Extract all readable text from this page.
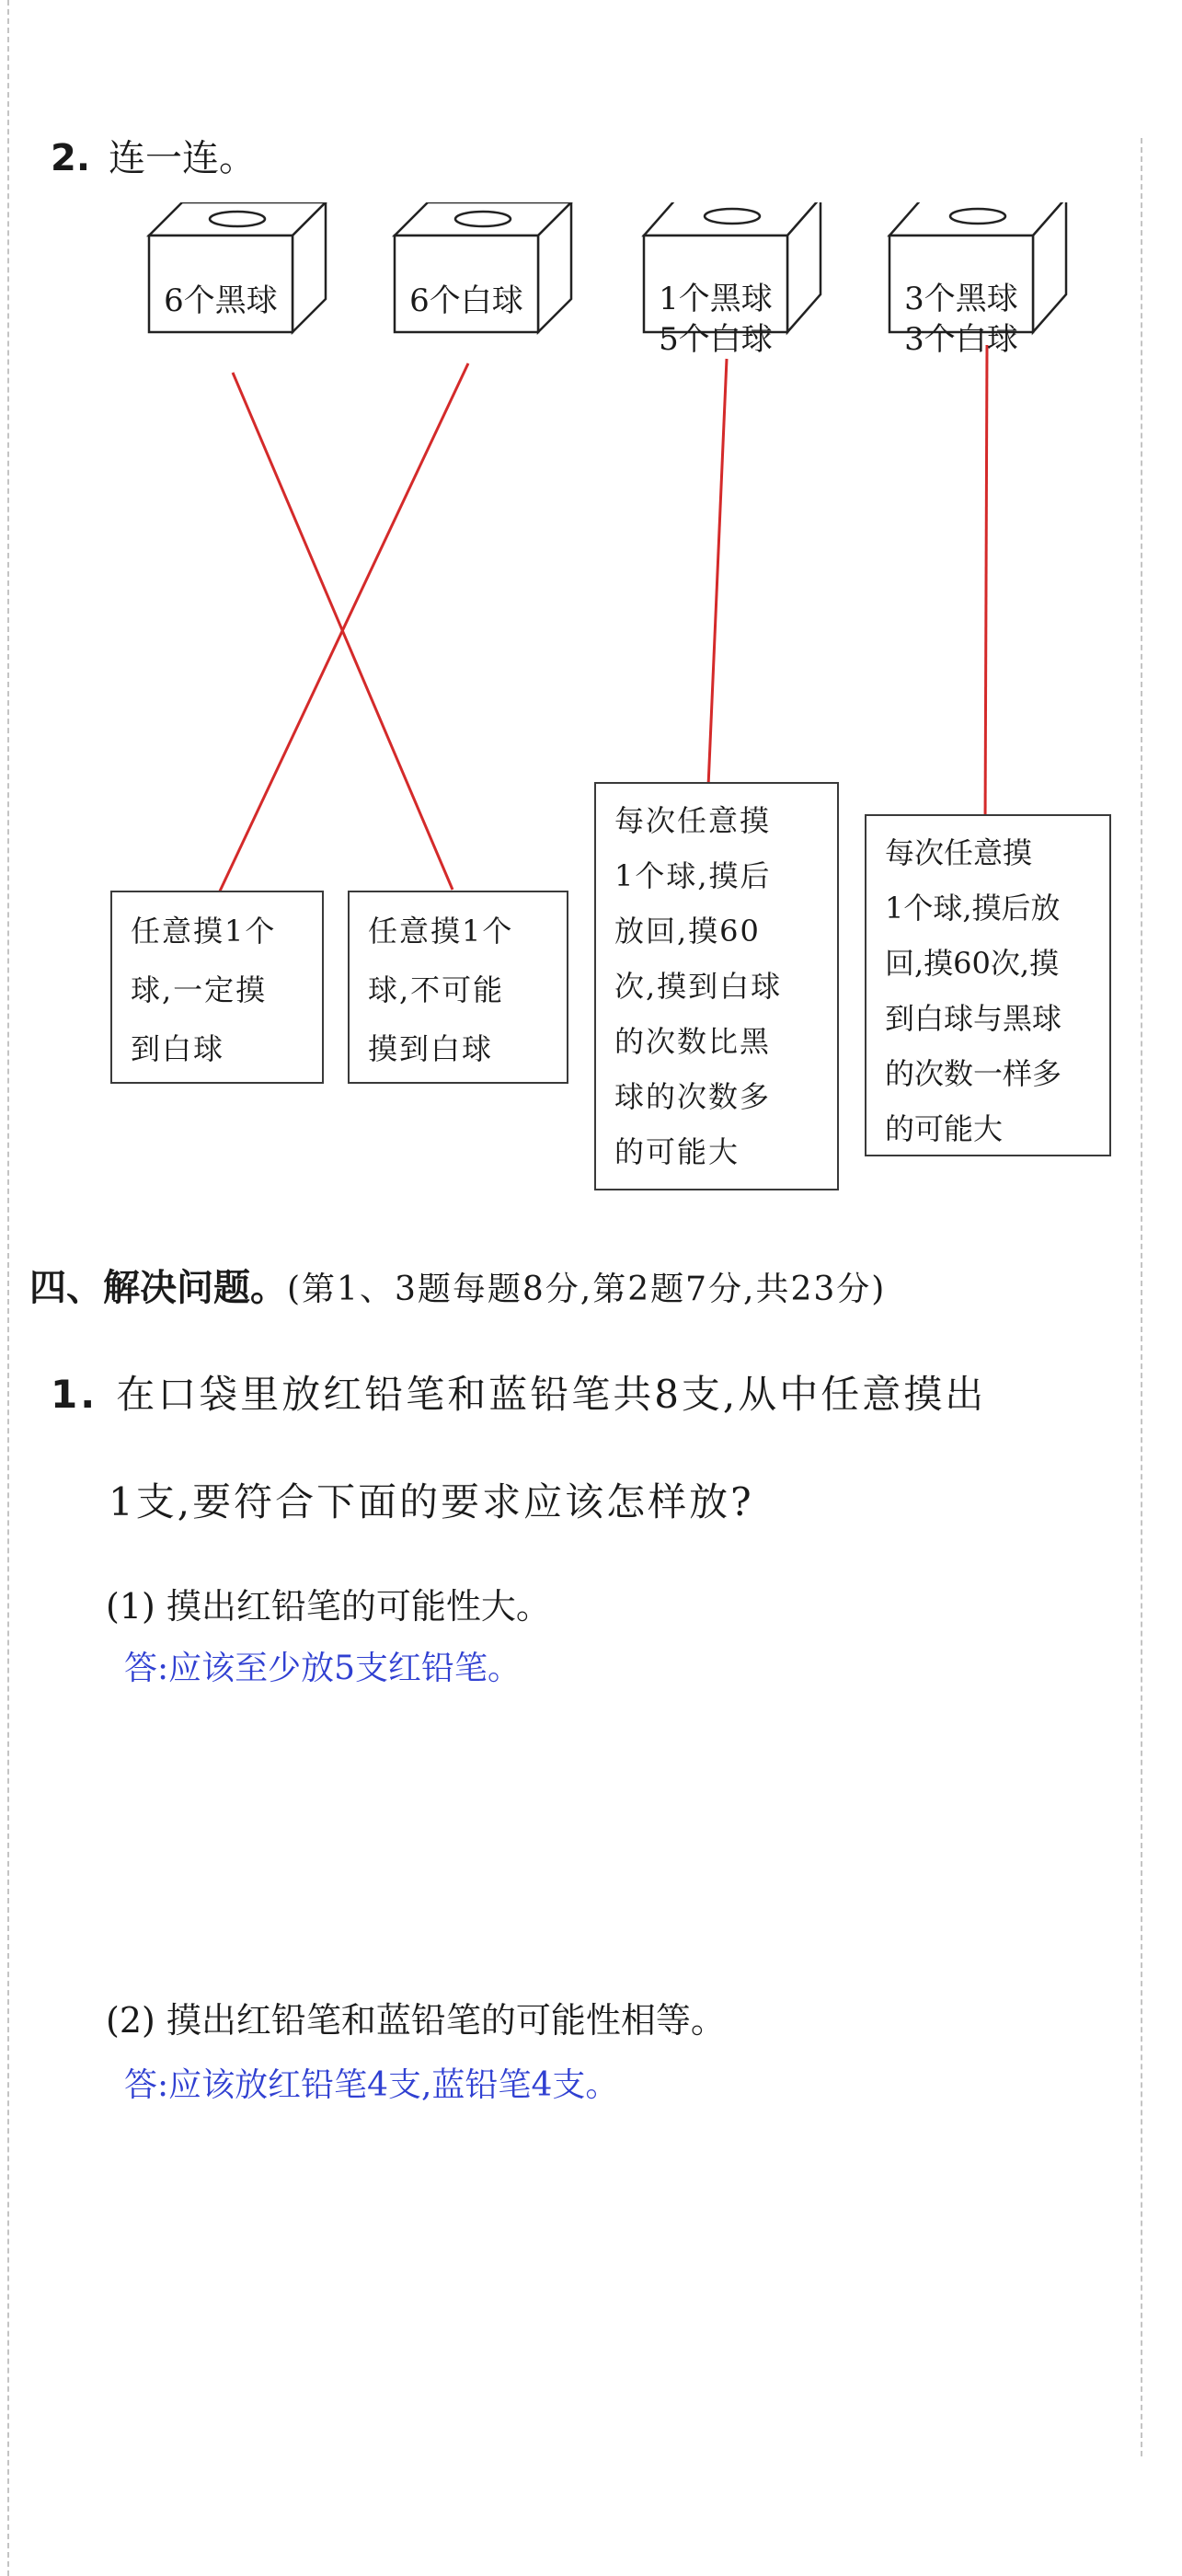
2. 连一连。
6个黑球	6个白球	1个黑球
5个白球
3个黑球
3个白球
任意摸1个
球,一定摸
到白球
任意摸1个
球,不可能
摸到白球
每次任意摸
1个球,摸后
放回,摸60
次,摸到白球
的次数比黑
球的次数多
的可能大
每次任意摸
1个球,摸后放
回,摸60次,摸
到白球与黑球
的次数一样多
的可能大
四、解决问题。(第1、3题每题8分,第2题7分,共23分)
1. 在口袋里放红铅笔和蓝铅笔共8支,从中任意摸出
1支,要符合下面的要求应该怎样放?
(1) 摸出红铅笔的可能性大。
答:应该至少放5支红铅笔。
(2) 摸出红铅笔和蓝铅笔的可能性相等。
答:应该放红铅笔4支,蓝铅笔4支。
